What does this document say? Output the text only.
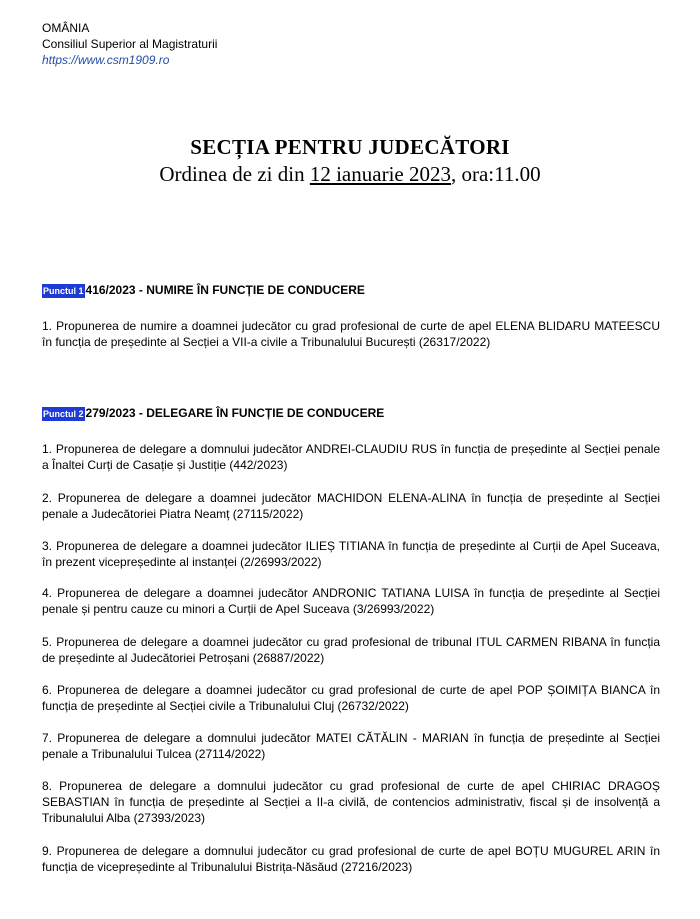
OMÂNIA
Consiliul Superior al Magistraturii
https://www.csm1909.ro
SECȚIA PENTRU JUDECĂTORI
Ordinea de zi din 12 ianuarie 2023, ora:11.00
Punctul 1 416/2023 - NUMIRE ÎN FUNCȚIE DE CONDUCERE
1. Propunerea de numire a doamnei judecător cu grad profesional de curte de apel ELENA BLIDARU MATEESCU în funcția de președinte al Secției a VII-a civile a Tribunalului București (26317/2022)
Punctul 2 279/2023 - DELEGARE ÎN FUNCȚIE DE CONDUCERE
1. Propunerea de delegare a domnului judecător ANDREI-CLAUDIU RUS în funcția de președinte al Secției penale a Înaltei Curți de Casație și Justiție (442/2023)
2. Propunerea de delegare a doamnei judecător MACHIDON ELENA-ALINA în funcția de președinte al Secției penale a Judecătoriei Piatra Neamț (27115/2022)
3. Propunerea de delegare a doamnei judecător ILIEȘ TITIANA în funcția de președinte al Curții de Apel Suceava, în prezent vicepreședinte al instanței (2/26993/2022)
4. Propunerea de delegare a doamnei judecător ANDRONIC TATIANA LUISA în funcția de președinte al Secției penale și pentru cauze cu minori a Curții de Apel Suceava (3/26993/2022)
5. Propunerea de delegare a doamnei judecător cu grad profesional de tribunal ITUL CARMEN RIBANA în funcția de președinte al Judecătoriei Petroșani (26887/2022)
6. Propunerea de delegare a doamnei judecător cu grad profesional de curte de apel POP ȘOIMIȚA BIANCA în funcția de președinte al Secției civile a Tribunalului Cluj (26732/2022)
7. Propunerea de delegare a domnului judecător MATEI CĂTĂLIN - MARIAN în funcția de președinte al Secției penale a Tribunalului Tulcea (27114/2022)
8. Propunerea de delegare a domnului judecător cu grad profesional de curte de apel CHIRIAC DRAGOȘ SEBASTIAN în funcția de președinte al Secției a II-a civilă, de contencios administrativ, fiscal și de insolvență a Tribunalului Alba (27393/2023)
9. Propunerea de delegare a domnului judecător cu grad profesional de curte de apel BOȚU MUGUREL ARIN în funcția de vicepreședinte al Tribunalului Bistrița-Năsăud (27216/2023)
